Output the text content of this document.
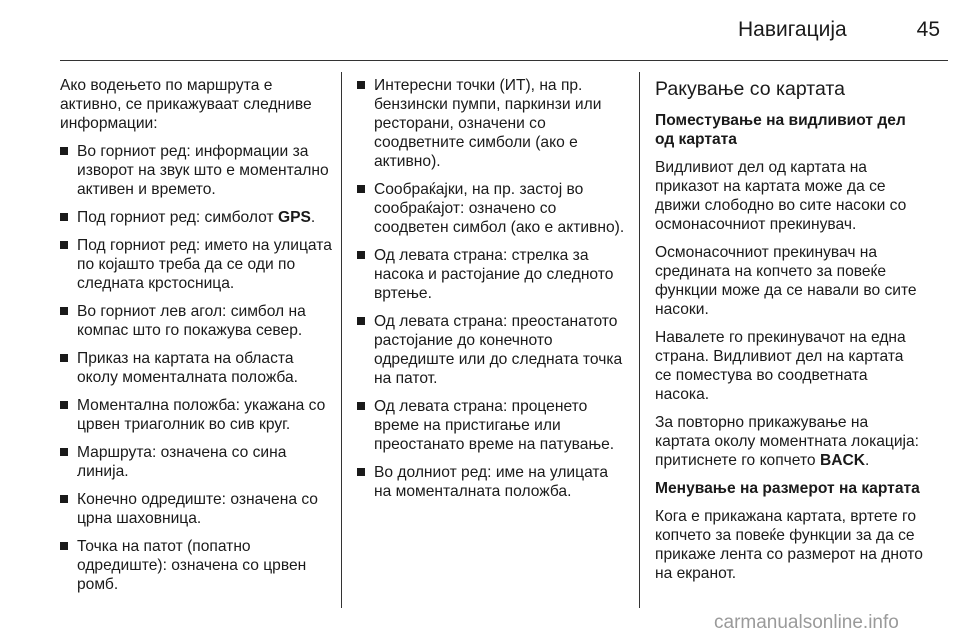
Навигација	45

Ако водењето по маршрута е активно, се прикажуваат следниве информации:

Во горниот ред: информации за изворот на звук што е моментално активен и времето.
Под горниот ред: симболот GPS.
Под горниот ред: името на улицата по којашто треба да се оди по следната крстосница.
Во горниот лев агол: симбол на компас што го покажува север.
Приказ на картата на областа околу моменталната положба.
Моментална положба: укажана со црвен триаголник во сив круг.
Маршрута: означена со сина линија.
Конечно одредиште: означена со црна шаховница.
Точка на патот (попатно одредиште): означена со црвен ромб.
Интересни точки (ИТ), на пр. бензински пумпи, паркинзи или ресторани, означени со соодветните симболи (ако е активно).
Сообраќајки, на пр. застој во сообраќајот: означено со соодветен симбол (ако е активно).
Од левата страна: стрелка за насока и растојание до следното вртење.
Од левата страна: преостанатото растојание до конечното одредиште или до следната точка на патот.
Од левата страна: проценето време на пристигање или преостанато време на патување.
Во долниот ред: име на улицата на моменталната положба.
Ракување со картата

Поместување на видливиот дел од картата

Видливиот дел од картата на приказот на картата може да се движи слободно во сите насоки со осмонасочниот прекинувач.

Осмонасочниот прекинувач на средината на копчето за повеќе функции може да се навали во сите насоки.

Навалете го прекинувачот на една страна. Видливиот дел на картата се поместува во соодветната насока.

За повторно прикажување на картата околу моментната локација: притиснете го копчето BACK.

Менување на размерот на картата

Кога е прикажана картата, вртете го копчето за повеќе функции за да се прикаже лента со размерот на дното на екранот.

carmanualsonline.info
